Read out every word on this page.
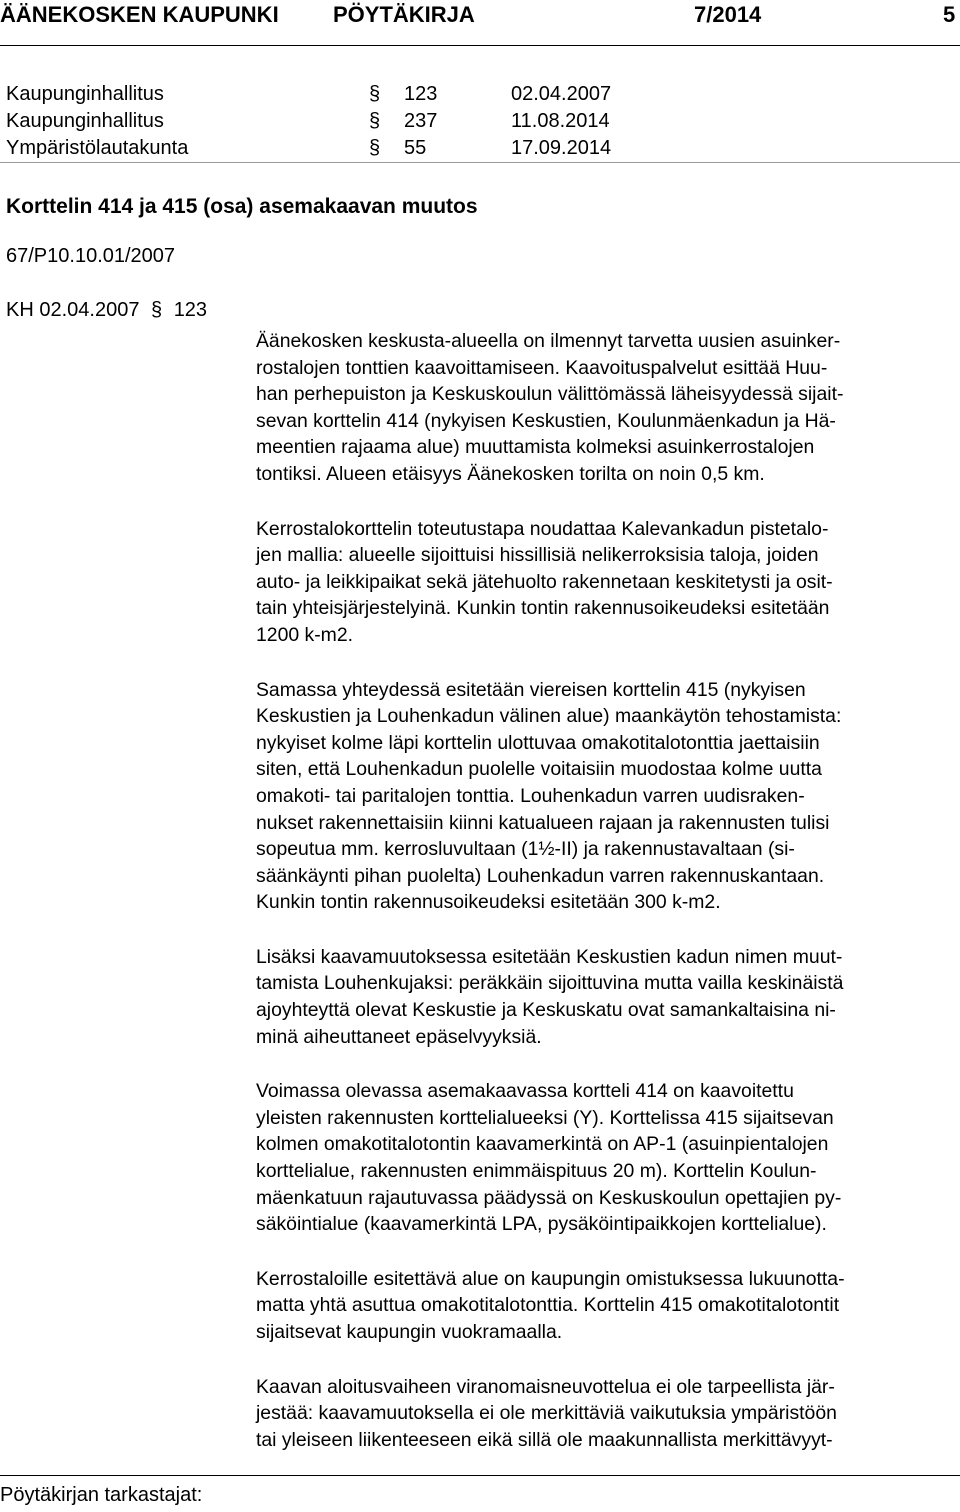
ÄÄNEKOSKEN KAUPUNKI PÖYTÄKIRJA	7/2014	5
Kaupunginhallitus	§ 123	02.04.2007
Kaupunginhallitus	§ 237	11.08.2014
Ympäristölautakunta	§ 55	17.09.2014
Korttelin 414 ja 415 (osa) asemakaavan muutos
67/P10.10.01/2007
KH 02.04.2007 § 123

Äänekosken keskusta-alueella on ilmennyt tarvetta uusien asuinker-
rostalojen tonttien kaavoittamiseen. Kaavoituspalvelut esittää Huu-
han perhepuiston ja Keskuskoulun välittömässä läheisyydessä sijait-
sevan korttelin 414 (nykyisen Keskustien, Koulunmäenkadun ja Hä-
meentien rajaama alue) muuttamista kolmeksi asuinkerrostalojen
tontiksi. Alueen etäisyys Äänekosken torilta on noin 0,5 km.

Kerrostalokorttelin toteutustapa noudattaa Kalevankadun pistetalo-
jen mallia: alueelle sijoittuisi hissillisiä nelikerroksisia taloja, joiden
auto- ja leikkipaikat sekä jätehuolto rakennetaan keskitetysti ja osit-
tain yhteisjärjestelyinä. Kunkin tontin rakennusoikeudeksi esitetään
1200 k-m2.

Samassa yhteydessä esitetään viereisen korttelin 415 (nykyisen
Keskustien ja Louhenkadun välinen alue) maankäytön tehostamista:
nykyiset kolme läpi korttelin ulottuvaa omakotitalotonttia jaettaisiin
siten, että Louhenkadun puolelle voitaisiin muodostaa kolme uutta
omakoti- tai paritalojen tonttia. Louhenkadun varren uudisraken-
nukset rakennettaisiin kiinni katualueen rajaan ja rakennusten tulisi
sopeutua mm. kerrosluvultaan (1½-II) ja rakennustavaltaan (si-
säänkäynti pihan puolelta) Louhenkadun varren rakennuskantaan.
Kunkin tontin rakennusoikeudeksi esitetään 300 k-m2.

Lisäksi kaavamuutoksessa esitetään Keskustien kadun nimen muut-
tamista Louhenkujaksi: peräkkäin sijoittuvina mutta vailla keskinäistä
ajoyhteyttä olevat Keskustie ja Keskuskatu ovat samankaltaisina ni-
minä aiheuttaneet epäselvyyksiä.

Voimassa olevassa asemakaavassa kortteli 414 on kaavoitettu
yleisten rakennusten korttelialueeksi (Y). Korttelissa 415 sijaitsevan
kolmen omakotitalotontin kaavamerkintä on AP-1 (asuinpientalojen
korttelialue, rakennusten enimmäispituus 20 m). Korttelin Koulun-
mäenkatuun rajautuvassa päädyssä on Keskuskoulun opettajien py-
säköintialue (kaavamerkintä LPA, pysäköintipaikkojen korttelialue).

Kerrostaloille esitettävä alue on kaupungin omistuksessa lukuunotta-
matta yhtä asuttua omakotitalotonttia. Korttelin 415 omakotitalotontit
sijaitsevat kaupungin vuokramaalla.

Kaavan aloitusvaiheen viranomaisneuvottelua ei ole tarpeellista jär-
jestää: kaavamuutoksella ei ole merkittäviä vaikutuksia ympäristöön
tai yleiseen liikenteeseen eikä sillä ole maakunnallista merkittävyyt-

Pöytäkirjan tarkastajat:
